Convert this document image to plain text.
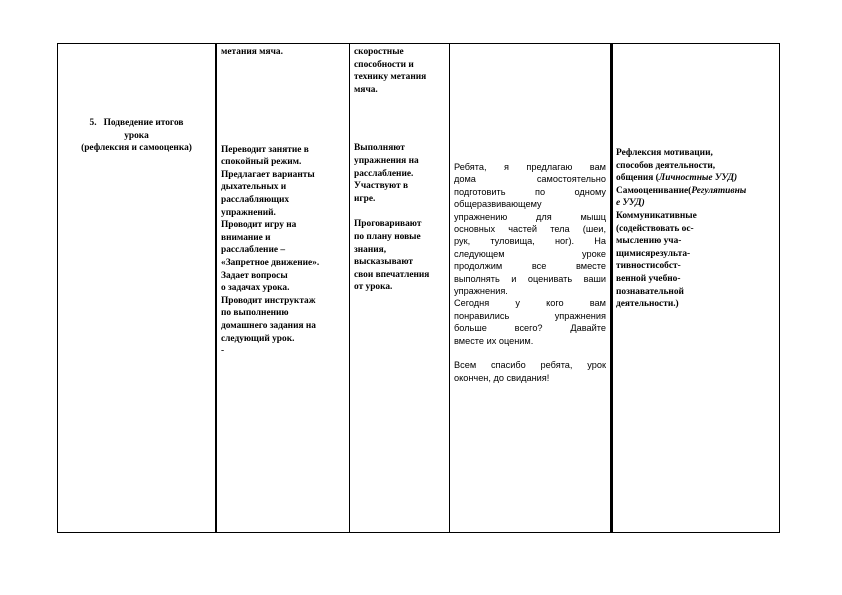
5. Подведение итогов

урока

(рефлексия и самооценка)

метания мяча.

Переводит занятие в

спокойный режим.

Предлагает варианты

дыхательных и

расслабляющих

упражнений.

Проводит игру на

внимание и

расслабление –

«Запретное движение».

Задает вопросы

о задачах урока.

Проводит инструктаж

по выполнению

домашнего задания на

следующий урок.

-

скоростные

способности и

технику метания

мяча.

Выполняют

упражнения на

расслабление.

Участвуют в

игре.

Проговаривают

по плану новые

знания,

высказывают

свои впечатления

от урока.

Ребята, я предлагаю вам

дома самостоятельно

подготовить по одному

общеразвивающему

упражнению для мышц

основных частей тела (шеи,

рук, туловища, ног). На

следующем уроке

продолжим все вместе

выполнять и оценивать ваши

упражнения.

Сегодня у кого вам

понравились упражнения

больше всего? Давайте

вместе их оценим.

Всем спасибо ребята, урок

окончен, до свидания!

Рефлексия мотивации,

способов деятельности,

общения (Личностные УУД)

Самооценивание(Регулятивны

е УУД)

Коммуникативные

(содействовать ос-

мыслению уча-

щимисярезульта-

тивностисобст-

венной учебно-

познавательной

деятельности.)
